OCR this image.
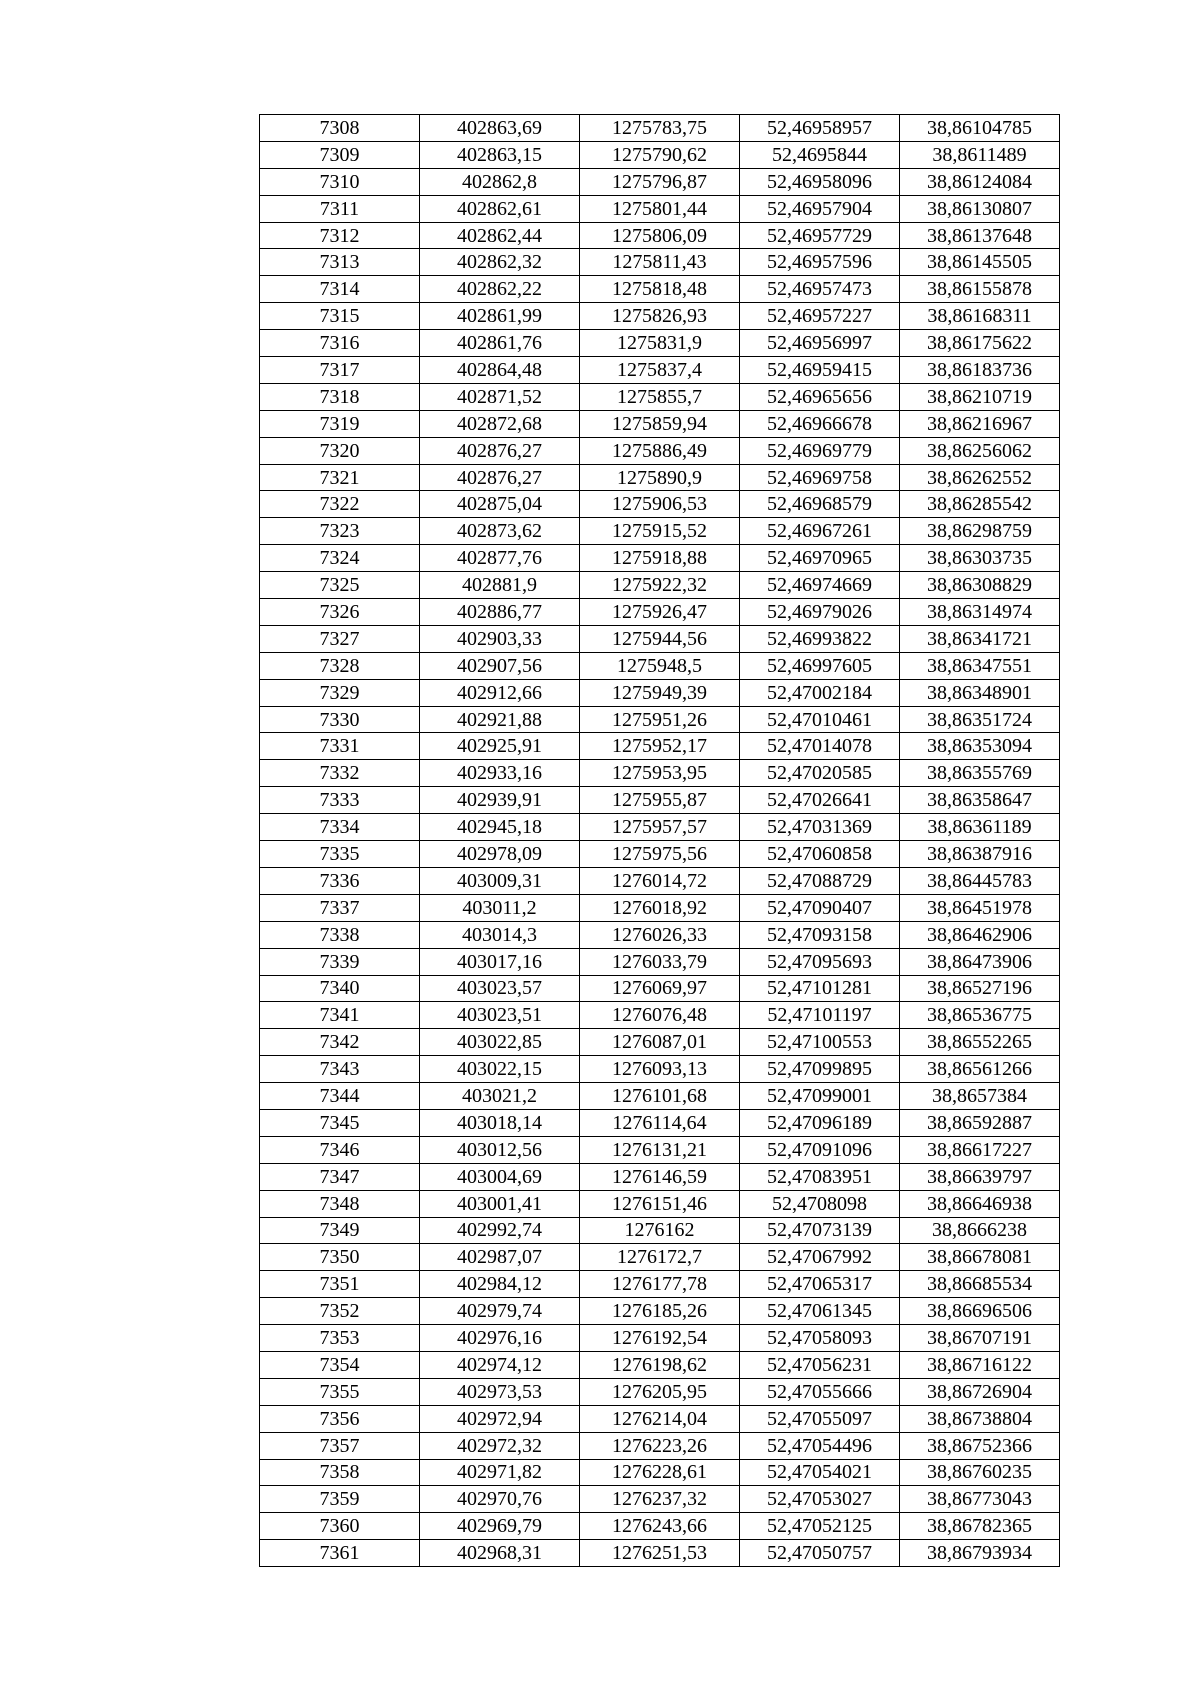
7308	402863,69	1275783,75	52,46958957	38,86104785
7309	402863,15	1275790,62	52,4695844	38,8611489
7310	402862,8	1275796,87	52,46958096	38,86124084
7311	402862,61	1275801,44	52,46957904	38,86130807
7312	402862,44	1275806,09	52,46957729	38,86137648
7313	402862,32	1275811,43	52,46957596	38,86145505
7314	402862,22	1275818,48	52,46957473	38,86155878
7315	402861,99	1275826,93	52,46957227	38,86168311
7316	402861,76	1275831,9	52,46956997	38,86175622
7317	402864,48	1275837,4	52,46959415	38,86183736
7318	402871,52	1275855,7	52,46965656	38,86210719
7319	402872,68	1275859,94	52,46966678	38,86216967
7320	402876,27	1275886,49	52,46969779	38,86256062
7321	402876,27	1275890,9	52,46969758	38,86262552
7322	402875,04	1275906,53	52,46968579	38,86285542
7323	402873,62	1275915,52	52,46967261	38,86298759
7324	402877,76	1275918,88	52,46970965	38,86303735
7325	402881,9	1275922,32	52,46974669	38,86308829
7326	402886,77	1275926,47	52,46979026	38,86314974
7327	402903,33	1275944,56	52,46993822	38,86341721
7328	402907,56	1275948,5	52,46997605	38,86347551
7329	402912,66	1275949,39	52,47002184	38,86348901
7330	402921,88	1275951,26	52,47010461	38,86351724
7331	402925,91	1275952,17	52,47014078	38,86353094
7332	402933,16	1275953,95	52,47020585	38,86355769
7333	402939,91	1275955,87	52,47026641	38,86358647
7334	402945,18	1275957,57	52,47031369	38,86361189
7335	402978,09	1275975,56	52,47060858	38,86387916
7336	403009,31	1276014,72	52,47088729	38,86445783
7337	403011,2	1276018,92	52,47090407	38,86451978
7338	403014,3	1276026,33	52,47093158	38,86462906
7339	403017,16	1276033,79	52,47095693	38,86473906
7340	403023,57	1276069,97	52,47101281	38,86527196
7341	403023,51	1276076,48	52,47101197	38,86536775
7342	403022,85	1276087,01	52,47100553	38,86552265
7343	403022,15	1276093,13	52,47099895	38,86561266
7344	403021,2	1276101,68	52,47099001	38,8657384
7345	403018,14	1276114,64	52,47096189	38,86592887
7346	403012,56	1276131,21	52,47091096	38,86617227
7347	403004,69	1276146,59	52,47083951	38,86639797
7348	403001,41	1276151,46	52,4708098	38,86646938
7349	402992,74	1276162	52,47073139	38,8666238
7350	402987,07	1276172,7	52,47067992	38,86678081
7351	402984,12	1276177,78	52,47065317	38,86685534
7352	402979,74	1276185,26	52,47061345	38,86696506
7353	402976,16	1276192,54	52,47058093	38,86707191
7354	402974,12	1276198,62	52,47056231	38,86716122
7355	402973,53	1276205,95	52,47055666	38,86726904
7356	402972,94	1276214,04	52,47055097	38,86738804
7357	402972,32	1276223,26	52,47054496	38,86752366
7358	402971,82	1276228,61	52,47054021	38,86760235
7359	402970,76	1276237,32	52,47053027	38,86773043
7360	402969,79	1276243,66	52,47052125	38,86782365
7361	402968,31	1276251,53	52,47050757	38,86793934
